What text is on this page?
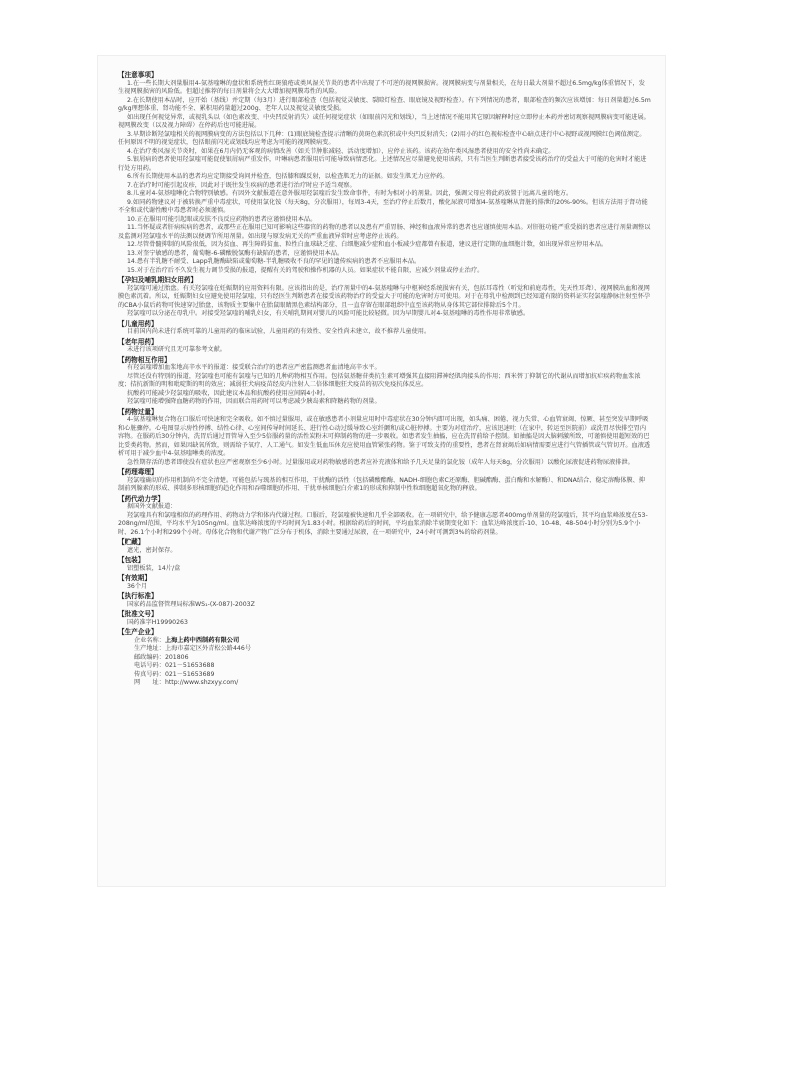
【注意事项】

1.在一些长期大剂量服用4-氨基喹啉的盘状和系统性红斑狼疮或类风湿关节炎的患者中出现了不可逆的视网膜损害。视网膜病变与剂量相关，在每日最大剂量不超过6.5mg/kg体重情况下，发生视网膜损害的风险低。但超过推荐的每日剂量将会大大增加视网膜毒性的风险。

2.在长期使用本品时，应开始（基线）并定期（每3月）进行眼部检查（包括视觉灵敏度、裂隙灯检查、眼底镜及视野检查）。有下列情况的患者，眼部检查的频次应该增加：每日剂量超过6.5mg/kg理想体重、肾功能不全、累积用药量超过200g、老年人以及视觉灵敏度受损。

如出现任何视觉异常，或视乳头以（如色素改变、中央凹反射消失）或任何视觉症状（如眼前闪光和划线），当上述情况不能用其它原因解释时应立即停止本药并密切观察视网膜病变可能进展。视网膜改变（以及视力障碍）在停药后也可能进展。

3.早期诊断羟氯喹相关的视网膜病变的方法包括以下几种：(1)眼底镜检查提示清晰的黄斑色素沉积或中央凹反射消失；(2)用小的红色视标检查中心暗点进行中心视野或视网膜红色阈值测定。任何原因不明的视觉症状，包括眼前闪光或划线均应考虑为可能的视网膜病变。

4.在治疗类风湿关节炎时，如果在6月内仍无客观的病情改善（如关节肿胀减轻、活动度增加），应停止该药。该药在幼年类风湿患者使用的安全性尚未确定。

5.银屑病的患者使用羟氯喹可能促使银屑病严重发作，叶啉病患者服用后可能导致病情恶化。上述情况应尽量避免使用该药，只有当医生判断患者接受该药治疗的受益大于可能的危害时才能进行处方用药。

6.所有长期使用本品的患者均应定期接受询问并检查，包括膝和踝反射，以检查肌无力的证据。如发生肌无力应停药。

7.在治疗时可能引起皮疹，因此对于既往发生疾病的患者进行治疗时应予适当观察。

8.儿童对4-氨基喹啉化合物特别敏感。有因外文献报道在意外服用羟氯喹后发生致命事件，有时为相对小的剂量。因此，强调父母应将此药放置于远离儿童的地方。

9.如同药物建议对于被转换严重中毒症状，可使用氯化铵（每天8g，分次服用），每周3-4天，至治疗停止后数月，酸化尿液可增加4-氨基喹啉从肾脏的排泄的20%-90%。但该方法用于肾功能不全和或代谢性酸中毒患者时必须谨慎。

10.正在服用可能引起眼或皮肤不良反应药物的患者应谨慎使用本品。

11.当怀疑或者肝病疾病的患者，或那些正在服用已知可影响这些器官的药物的患者以及患有严重胃肠、神经和血液异常的患者也应谨慎使用本品。对肝脏功能严重受损的患者应进行剂量调整以及监测对羟氯喹水平的法测以便调节所用剂量。如出现与原发病无关的严重血液异常时应考虑停止该药。

12.尽管骨髓抑制的风险很低，因为贫血、再生障碍贫血、粒性白血球缺乏症、白细胞减少症和血小板减少症都曾有报道，建议进行定期的血细胞计数，如出现异常应停用本品。

13.对奎宁敏感的患者，葡萄糖-6-磷酸脱氢酶有缺陷的患者，应谨慎使用本品。

14.患有半乳糖不耐受、Lapp乳糖酶缺陷或葡萄糖-半乳糖吸收不良的罕见的遗传疾病的患者不应服用本品。

15.对于在治疗后不久发生视力调节受损的报道，提醒有关的驾驶和操作机器的人员。如果症状不能自限，应减少剂量或停止治疗。

【孕妇及哺乳期妇女用药】

羟氯喹可通过胎盘。有关羟氯喹在妊娠期的应用资料有限。应该指出的是，治疗剂量中的4-氨基喹啉与中枢神经系统损害有关，包括耳毒性（听觉和前庭毒性，先天性耳聋）、视网膜出血和视网膜色素沉着。所以，妊娠期妇女应避免使用羟氯喹，只有经医生判断患者在接受该药物治疗的受益大于可能的危害时方可使用。对于在母乳中检测到已经知道有限的资料证实羟氯喹静脉注射至怀孕的CBA小鼠后药物可快速穿过胎盘，该物质主要集中在胎鼠眼睛黑色素结构部分，且一直存留在眼部组织中直至该药物从身体其它部位排除后5个月。

羟氯喹可以分泌在母乳中。对接受羟氯喹的哺乳妇女，有关哺乳期间对婴儿的风险可能比较轻微。因为早期婴儿对4-氨基喹啉的毒性作用非常敏感。

【儿童用药】

目前国内尚未进行系统可靠的儿童用药的临床试验，儿童用药的有效性、安全性尚未建立，故不推荐儿童使用。

【老年用药】

未进行该项研究且无可靠参考文献。

【药物相互作用】

有羟氯喹增加血浆地高辛水平的报道：接受联合治疗的患者应严密监测患者血清地高辛水平。

尽管还没有特别的报道，羟氯喹也可能有氯喹与已知的几种药物相互作用。包括氨基糖苷类抗生素可增强其直接阻滞神经肌肉接头的作用；西米替丁抑制它的代谢从而增加抗疟疾药物血浆浓度；拮抗新斯的明和吡啶斯的明的效应；减弱狂犬病疫苗经皮内注射人二倍体细胞狂犬疫苗的初次免疫抗体反应。

抗酸药可能减少羟氯喹的吸收，因此建议本品和抗酸药使用应间隔4小时。

羟氯喹可能增强降血糖药物的作用，因而联合用药时可以考虑减少胰岛素和降糖药物的剂量。

【药物过量】

4-氨基喹啉复合物在口服后可快速和完全吸收。如不慎过量服用，或在敏感患者小剂量应用时中毒症状在30分钟内即可出现，如头痛、困倦、视力失常、心血管衰竭、惊厥、甚至突发早期呼吸和心脏骤停。心电图显示房性停搏、结性心律、心室间传导时间延长、进行性心动过缓导致心室纤颤和/或心脏停搏。主要为对症治疗，应该迅速吐（在家中，转运至医院前）或洗胃尽快排空胃内容物。在服药后30分钟内，洗胃后通过胃管导入至少5倍服药量的活性炭粉末可抑制药物的进一步吸收。如患者发生抽搐，应在洗胃前给予控制。如抽搐是因大脑刺激所致，可谨慎使用超短效的巴比妥类药物。然而，如果因缺氧所致，则需给予氧疗、人工通气。如发生低血压休克应使用血管紧张药物。鉴于可致支持的重要性，患者在肾衰竭后如病情需要应进行气管插管或气管切开。血液透析可用于减少血中4-氨基喹啉类的浓度。

急性期存活的患者即使没有症状也应严密观察至少6小时。过量服用或对药物敏感的患者应补充液体和给予几天足量的氯化铵（成年人每天8g，分次服用）以酸化尿液促进药物尿液排泄。

【药理毒理】

羟氯喹确切的作用机制尚不完全清楚。可能包括与巯基的相互作用、干扰酶的活性（包括磷酸酯酶、NADH-细胞色素C还原酶、胆碱酯酶、蛋白酶和水解酶）、和DNA结合、稳定溶酶体膜、抑制前列腺素的形成、抑制多形核细胞的趋化作用和吞噬细胞的作用、干扰单核细胞白介素1的形成和抑制中性粒细胞超氧化物的释放。

【药代动力学】

据国外文献报道：

羟氯喹具有和氯喹相似的药理作用、药物动力学和体内代谢过程。口服后，羟氯喹被快速和几乎全部吸收。在一项研究中，给予健康志愿者400mg单剂量的羟氯喹后，其平均血浆峰浓度在53-208ng/ml范围，平均水平为105ng/ml。血浆达峰浓度的平均时间为1.83小时。根据给药后的时间，平均血浆消除半衰期变化如下：血浆达峰浓度后-10、10-48、48-504小时分别为5.9个小时、26.1个小时和299个小时。母体化合物和代谢产物广泛分布于机体，消除主要通过尿液，在一项研究中，24小时可测到3%的给药剂量。

【贮藏】

遮光，密封保存。

【包装】

铝塑板装，14片/盒

【有效期】

36个月

【执行标准】

国家药品监督管理局标准WS₁-(X-087)-2003Z

【批准文号】

国药准字H19990263

【生产企业】
企业名称：上海上药中西制药有限公司
生产地址：上海市嘉定区外青松公路446号
邮政编码：201806
电话号码：021－51653688
传真号码：021－51653689
网　　址：http://www.shzxyy.com/
